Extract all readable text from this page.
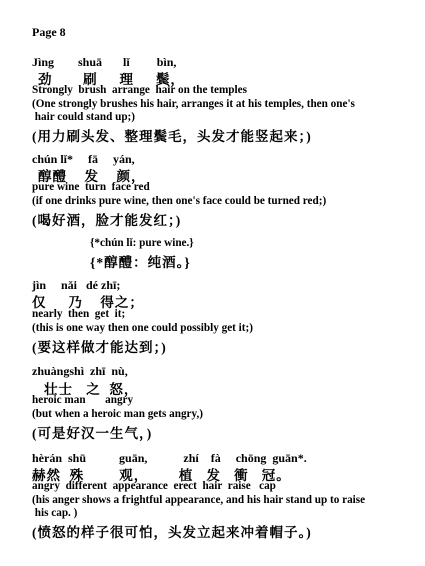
Page 8
Jìng        shuā       lǐ         bìn,
劲       刷     理     鬓，
Strongly  brush  arrange  hair on the temples
(One strongly brushes his hair, arranges it at his temples, then one's
hair could stand up;)
(用力刷头发、整理鬓毛，头发才能竖起来；)
chún lǐ*     fā     yán,
醇醴    发    颜，
pure wine  turn  face red
(if one drinks pure wine, then one's face could be turned red;)
(喝好酒，脸才能发红；)
{*chún lǐ: pure wine.}
{*醇醴：纯酒。}
jìn     nǎi   dé zhī;
仅     乃    得之；
nearly  then  get  it;
(this is one way then one could possibly get it;)
(要这样做才能达到；)
zhuàngshì  zhī  nù,
壮士   之  怒，
heroic man       angry
(but when a heroic man gets angry,)
(可是好汉一生气，)
hèrán  shū           guān,            zhí    fà     chōng  guān*.
赫然  殊        观，       植   发   衝   冠。
angry  different  appearance  erect  hair  raise   cap
(his anger shows a frightful appearance, and his hair stand up to raise
his cap. )
(愤怒的样子很可怕，头发立起来冲着帽子。)
